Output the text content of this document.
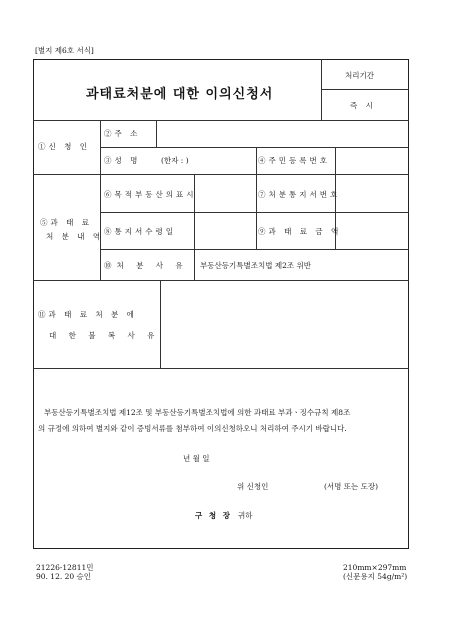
[별지 제6호 서식]
과태료처분에 대한 이의신청서
처리기간
즉 시
①신 청 인
②주 소
③성 명	(한자 : )	④주민등록번호
⑤과 태 료
처 분 내 역
⑥목적부동산의표시	⑦처분통지서번호
⑧통지서수령일	⑨과 태 료 금 액
⑩처 분 사 유 부동산등기특별조치법 제2조 위반
⑪과 태 료 처 분 에
대 한 불 복 사 유
부동산등기특별조치법 제12조 및 부동산등기특별조치법에 의한 과태료 부과ㆍ징수규칙 제8조
의 규정에 의하여 별지와 같이 증빙서류를 첨부하여 이의신청하오니 처리하여 주시기 바랍니다.
년 월 일
위 신청인	(서명 또는 도장)
구 청 장 귀하
21226-12811민
90. 12. 20 승인
210mm×297mm
(신문용지 54g/m²)
